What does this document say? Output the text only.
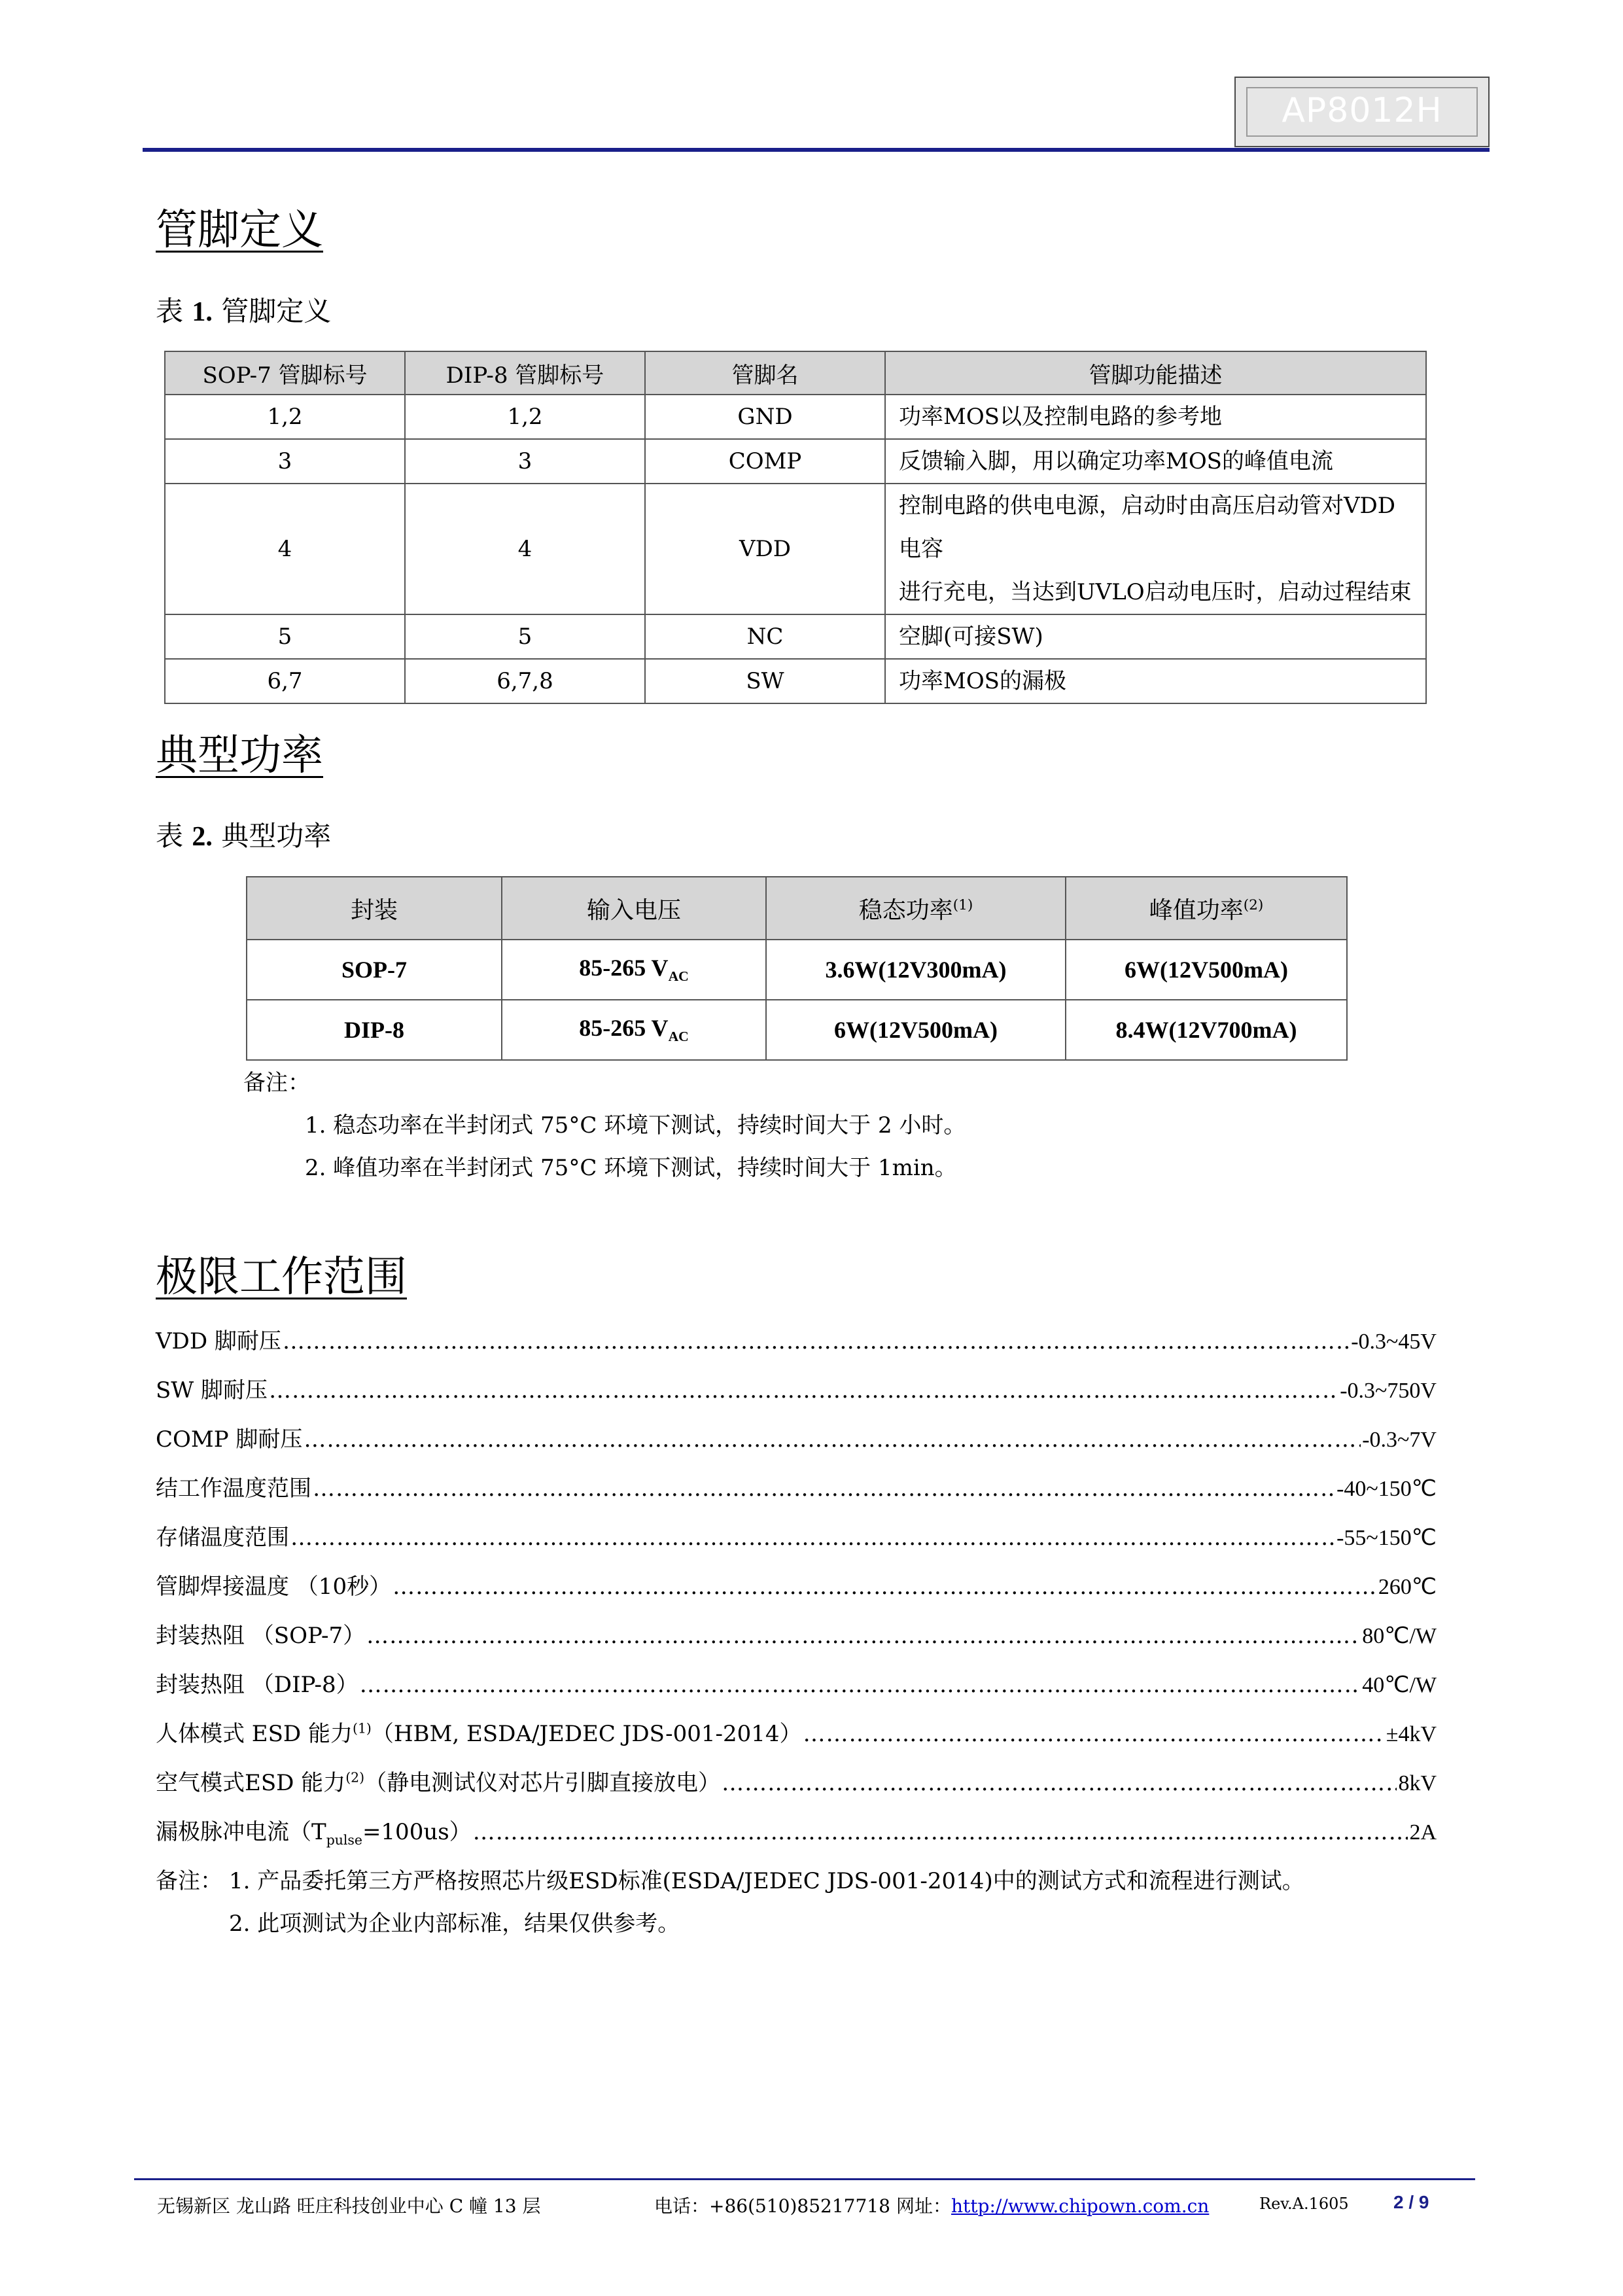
AP8012H
管脚定义
表 1. 管脚定义
SOP-7 管脚标号	DIP-8 管脚标号	管脚名	管脚功能描述
1,2	1,2	GND	功率MOS以及控制电路的参考地
3	3	COMP	反馈输入脚，用以确定功率MOS的峰值电流
4	4	VDD	控制电路的供电电源，启动时由高压启动管对VDD电容
进行充电，当达到UVLO启动电压时，启动过程结束

5	5	NC	空脚(可接SW)
6,7	6,7,8	SW	功率MOS的漏极
典型功率
表 2. 典型功率
封装	输入电压	稳态功率$^{(1)}$	峰值功率$^{(2)}$
SOP-7	85-265 $V_{AC}$	3.6W(12V300mA)	6W(12V500mA)
DIP-8	85-265 $V_{AC}$	6W(12V500mA)	8.4W(12V700mA)
备注：
1. 稳态功率在半封闭式 75°C 环境下测试，持续时间大于 2 小时。
2. 峰值功率在半封闭式 75°C 环境下测试，持续时间大于 1min。
极限工作范围
VDD 脚耐压 …………………………………………………………………………………………………………………………………………………………………………………………………………………………	-0.3~45V
SW 脚耐压 …………………………………………………………………………………………………………………………………………………………………………………………………………………………	-0.3~750V
COMP 脚耐压 …………………………………………………………………………………………………………………………………………………………………………………………………………………………	-0.3~7V
结工作温度范围 …………………………………………………………………………………………………………………………………………………………………………………………………………………………	-40~150℃
存储温度范围 …………………………………………………………………………………………………………………………………………………………………………………………………………………………	-55~150℃
管脚焊接温度 （10秒） …………………………………………………………………………………………………………………………………………………………………………………………………………………………	260℃
封装热阻 （SOP-7） …………………………………………………………………………………………………………………………………………………………………………………………………………………………	80℃/W
封装热阻 （DIP-8） …………………………………………………………………………………………………………………………………………………………………………………………………………………………	40℃/W
人体模式 ESD 能力$^{(1)}$（HBM, ESDA/JEDEC JDS-001-2014） …………………………………………………………………………………………………………………………………………………………………………………………………………………………	±4kV
空气模式ESD 能力$^{(2)}$（静电测试仪对芯片引脚直接放电） …………………………………………………………………………………………………………………………………………………………………………………………………………………………	8kV
漏极脉冲电流$(T_{pulse}=100us)$ …………………………………………………………………………………………………………………………………………………………………………………………………………………………	2A
备注： 1. 产品委托第三方严格按照芯片级ESD标准(ESDA/JEDEC JDS-001-2014)中的测试方式和流程进行测试。
2. 此项测试为企业内部标准，结果仅供参考。
无锡新区 龙山路 旺庄科技创业中心 C 幢 13 层	电话：+86(510)85217718 网址：http://www.chipown.com.cn	Rev.A.1605 2 / 9
